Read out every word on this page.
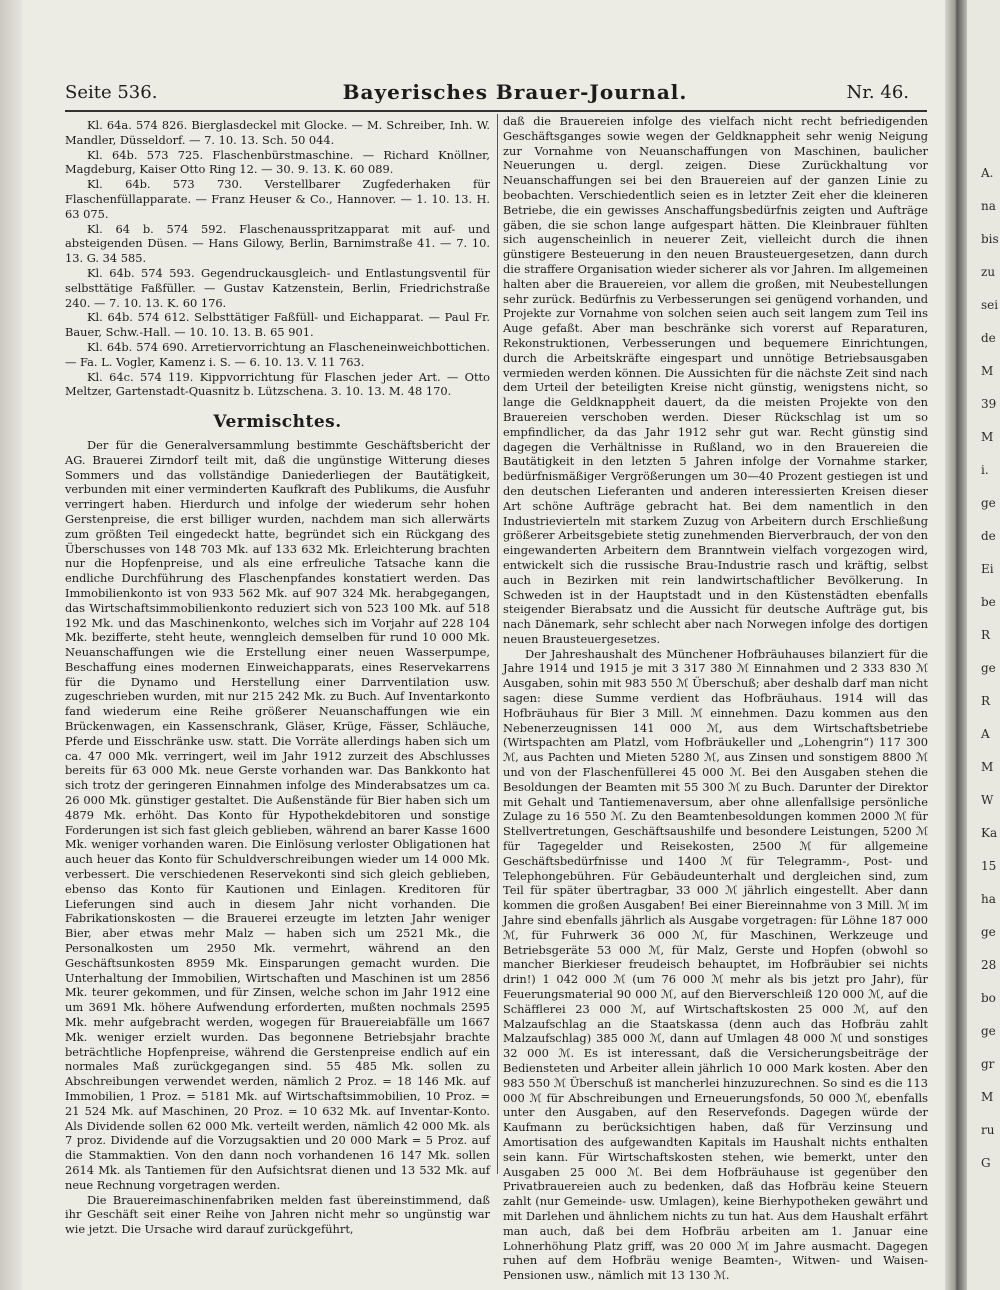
Seite 536.	Bayerisches Brauer-Journal.	Nr. 46.

Kl. 64a. 574 826. Bierglasdeckel mit Glocke. — M. Schreiber, Inh. W. Mandler, Düsseldorf. — 7. 10. 13. Sch. 50 044.

Kl. 64b. 573 725. Flaschenbürstmaschine. — Richard Knöllner, Magdeburg, Kaiser Otto Ring 12. — 30. 9. 13. K. 60 089.

Kl. 64b. 573 730. Verstellbarer Zugfederhaken für Flaschenfüllapparate. — Franz Heuser & Co., Hannover. — 1. 10. 13. H. 63 075.

Kl. 64 b. 574 592. Flaschenausspritzapparat mit auf- und absteigenden Düsen. — Hans Gilowy, Berlin, Barnimstraße 41. — 7. 10. 13. G. 34 585.

Kl. 64b. 574 593. Gegendruckausgleich- und Entlastungsventil für selbsttätige Faßfüller. — Gustav Katzenstein, Berlin, Friedrichstraße 240. — 7. 10. 13. K. 60 176.

Kl. 64b. 574 612. Selbsttätiger Faßfüll- und Eichapparat. — Paul Fr. Bauer, Schw.-Hall. — 10. 10. 13. B. 65 901.

Kl. 64b. 574 690. Arretiervorrichtung an Flascheneinweichbottichen. — Fa. L. Vogler, Kamenz i. S. — 6. 10. 13. V. 11 763.

Kl. 64c. 574 119. Kippvorrichtung für Flaschen jeder Art. — Otto Meltzer, Gartenstadt-Quasnitz b. Lützschena. 3. 10. 13. M. 48 170.

Vermischtes.

Der für die Generalversammlung bestimmte Geschäftsbericht der AG. Brauerei Zirndorf teilt mit, daß die ungünstige Witterung dieses Sommers und das vollständige Daniederliegen der Bautätigkeit, verbunden mit einer verminderten Kaufkraft des Publikums, die Ausfuhr verringert haben. Hierdurch und infolge der wiederum sehr hohen Gerstenpreise, die erst billiger wurden, nachdem man sich allerwärts zum größten Teil eingedeckt hatte, begründet sich ein Rückgang des Überschusses von 148 703 Mk. auf 133 632 Mk. Erleichterung brachten nur die Hopfenpreise, und als eine erfreuliche Tatsache kann die endliche Durchführung des Flaschenpfandes konstatiert werden. Das Immobilienkonto ist von 933 562 Mk. auf 907 324 Mk. herabgegangen, das Wirtschaftsimmobilienkonto reduziert sich von 523 100 Mk. auf 518 192 Mk. und das Maschinenkonto, welches sich im Vorjahr auf 228 104 Mk. bezifferte, steht heute, wenngleich demselben für rund 10 000 Mk. Neuanschaffungen wie die Erstellung einer neuen Wasserpumpe, Beschaffung eines modernen Einweichapparats, eines Reservekarrens für die Dynamo und Herstellung einer Darrventilation usw. zugeschrieben wurden, mit nur 215 242 Mk. zu Buch. Auf Inventarkonto fand wiederum eine Reihe größerer Neuanschaffungen wie ein Brückenwagen, ein Kassenschrank, Gläser, Krüge, Fässer, Schläuche, Pferde und Eisschränke usw. statt. Die Vorräte allerdings haben sich um ca. 47 000 Mk. verringert, weil im Jahr 1912 zurzeit des Abschlusses bereits für 63 000 Mk. neue Gerste vorhanden war. Das Bankkonto hat sich trotz der geringeren Einnahmen infolge des Minderabsatzes um ca. 26 000 Mk. günstiger gestaltet. Die Außenstände für Bier haben sich um 4879 Mk. erhöht. Das Konto für Hypothekdebitoren und sonstige Forderungen ist sich fast gleich geblieben, während an barer Kasse 1600 Mk. weniger vorhanden waren. Die Einlösung verloster Obligationen hat auch heuer das Konto für Schuldverschreibungen wieder um 14 000 Mk. verbessert. Die verschiedenen Reservekonti sind sich gleich geblieben, ebenso das Konto für Kautionen und Einlagen. Kreditoren für Lieferungen sind auch in diesem Jahr nicht vorhanden. Die Fabrikationskosten — die Brauerei erzeugte im letzten Jahr weniger Bier, aber etwas mehr Malz — haben sich um 2521 Mk., die Personalkosten um 2950 Mk. vermehrt, während an den Geschäftsunkosten 8959 Mk. Einsparungen gemacht wurden. Die Unterhaltung der Immobilien, Wirtschaften und Maschinen ist um 2856 Mk. teurer gekommen, und für Zinsen, welche schon im Jahr 1912 eine um 3691 Mk. höhere Aufwendung erforderten, mußten nochmals 2595 Mk. mehr aufgebracht werden, wogegen für Brauereiabfälle um 1667 Mk. weniger erzielt wurden. Das begonnene Betriebsjahr brachte beträchtliche Hopfenpreise, während die Gerstenpreise endlich auf ein normales Maß zurückgegangen sind. 55 485 Mk. sollen zu Abschreibungen verwendet werden, nämlich 2 Proz. = 18 146 Mk. auf Immobilien, 1 Proz. = 5181 Mk. auf Wirtschaftsimmobilien, 10 Proz. = 21 524 Mk. auf Maschinen, 20 Proz. = 10 632 Mk. auf Inventar-Konto. Als Dividende sollen 62 000 Mk. verteilt werden, nämlich 42 000 Mk. als 7 proz. Dividende auf die Vorzugsaktien und 20 000 Mark = 5 Proz. auf die Stammaktien. Von den dann noch vorhandenen 16 147 Mk. sollen 2614 Mk. als Tantiemen für den Aufsichtsrat dienen und 13 532 Mk. auf neue Rechnung vorgetragen werden.

Die Brauereimaschinenfabriken melden fast übereinstimmend, daß ihr Geschäft seit einer Reihe von Jahren nicht mehr so ungünstig war wie jetzt. Die Ursache wird darauf zurückgeführt,

daß die Brauereien infolge des vielfach nicht recht befriedigenden Geschäftsganges sowie wegen der Geldknappheit sehr wenig Neigung zur Vornahme von Neuanschaffungen von Maschinen, baulicher Neuerungen u. dergl. zeigen. Diese Zurückhaltung vor Neuanschaffungen sei bei den Brauereien auf der ganzen Linie zu beobachten. Verschiedentlich seien es in letzter Zeit eher die kleineren Betriebe, die ein gewisses Anschaffungsbedürfnis zeigten und Aufträge gäben, die sie schon lange aufgespart hätten. Die Kleinbrauer fühlten sich augenscheinlich in neuerer Zeit, vielleicht durch die ihnen günstigere Besteuerung in den neuen Brausteuergesetzen, dann durch die straffere Organisation wieder sicherer als vor Jahren. Im allgemeinen halten aber die Brauereien, vor allem die großen, mit Neubestellungen sehr zurück. Bedürfnis zu Verbesserungen sei genügend vorhanden, und Projekte zur Vornahme von solchen seien auch seit langem zum Teil ins Auge gefaßt. Aber man beschränke sich vorerst auf Reparaturen, Rekonstruktionen, Verbesserungen und bequemere Einrichtungen, durch die Arbeitskräfte eingespart und unnötige Betriebsausgaben vermieden werden können. Die Aussichten für die nächste Zeit sind nach dem Urteil der beteiligten Kreise nicht günstig, wenigstens nicht, so lange die Geldknappheit dauert, da die meisten Projekte von den Brauereien verschoben werden. Dieser Rückschlag ist um so empfindlicher, da das Jahr 1912 sehr gut war. Recht günstig sind dagegen die Verhältnisse in Rußland, wo in den Brauereien die Bautätigkeit in den letzten 5 Jahren infolge der Vornahme starker, bedürfnismäßiger Vergrößerungen um 30—40 Prozent gestiegen ist und den deutschen Lieferanten und anderen interessierten Kreisen dieser Art schöne Aufträge gebracht hat. Bei dem namentlich in den Industrievierteln mit starkem Zuzug von Arbeitern durch Erschließung größerer Arbeitsgebiete stetig zunehmenden Bierverbrauch, der von den eingewanderten Arbeitern dem Branntwein vielfach vorgezogen wird, entwickelt sich die russische Brau-Industrie rasch und kräftig, selbst auch in Bezirken mit rein landwirtschaftlicher Bevölkerung. In Schweden ist in der Hauptstadt und in den Küstenstädten ebenfalls steigender Bierabsatz und die Aussicht für deutsche Aufträge gut, bis nach Dänemark, sehr schlecht aber nach Norwegen infolge des dortigen neuen Brausteuergesetzes.

Der Jahreshaushalt des Münchener Hofbräuhauses bilanziert für die Jahre 1914 und 1915 je mit 3 317 380 ℳ Einnahmen und 2 333 830 ℳ Ausgaben, sohin mit 983 550 ℳ Überschuß; aber deshalb darf man nicht sagen: diese Summe verdient das Hofbräuhaus. 1914 will das Hofbräuhaus für Bier 3 Mill. ℳ einnehmen. Dazu kommen aus den Nebenerzeugnissen 141 000 ℳ, aus dem Wirtschaftsbetriebe (Wirtspachten am Platzl, vom Hofbräukeller und „Lohengrin“) 117 300 ℳ, aus Pachten und Mieten 5280 ℳ, aus Zinsen und sonstigem 8800 ℳ und von der Flaschenfüllerei 45 000 ℳ. Bei den Ausgaben stehen die Besoldungen der Beamten mit 55 300 ℳ zu Buch. Darunter der Direktor mit Gehalt und Tantiemenaversum, aber ohne allenfallsige persönliche Zulage zu 16 550 ℳ. Zu den Beamtenbesoldungen kommen 2000 ℳ für Stellvertretungen, Geschäftsaushilfe und besondere Leistungen, 5200 ℳ für Tagegelder und Reisekosten, 2500 ℳ für allgemeine Geschäftsbedürfnisse und 1400 ℳ für Telegramm-, Post- und Telephongebühren. Für Gebäudeunterhalt und dergleichen sind, zum Teil für später übertragbar, 33 000 ℳ jährlich eingestellt. Aber dann kommen die großen Ausgaben! Bei einer Biereinnahme von 3 Mill. ℳ im Jahre sind ebenfalls jährlich als Ausgabe vorgetragen: für Löhne 187 000 ℳ, für Fuhrwerk 36 000 ℳ, für Maschinen, Werkzeuge und Betriebsgeräte 53 000 ℳ, für Malz, Gerste und Hopfen (obwohl so mancher Bierkieser freudeisch behauptet, im Hofbräubier sei nichts drin!) 1 042 000 ℳ (um 76 000 ℳ mehr als bis jetzt pro Jahr), für Feuerungsmaterial 90 000 ℳ, auf den Bierverschleiß 120 000 ℳ, auf die Schäfflerei 23 000 ℳ, auf Wirtschaftskosten 25 000 ℳ, auf den Malzaufschlag an die Staatskassa (denn auch das Hofbräu zahlt Malzaufschlag) 385 000 ℳ, dann auf Umlagen 48 000 ℳ und sonstiges 32 000 ℳ. Es ist interessant, daß die Versicherungsbeiträge der Bediensteten und Arbeiter allein jährlich 10 000 Mark kosten. Aber den 983 550 ℳ Überschuß ist mancherlei hinzuzurechnen. So sind es die 113 000 ℳ für Abschreibungen und Erneuerungsfonds, 50 000 ℳ, ebenfalls unter den Ausgaben, auf den Reservefonds. Dagegen würde der Kaufmann zu berücksichtigen haben, daß für Verzinsung und Amortisation des aufgewandten Kapitals im Haushalt nichts enthalten sein kann. Für Wirtschaftskosten stehen, wie bemerkt, unter den Ausgaben 25 000 ℳ. Bei dem Hofbräuhause ist gegenüber den Privatbrauereien auch zu bedenken, daß das Hofbräu keine Steuern zahlt (nur Gemeinde- usw. Umlagen), keine Bierhypotheken gewährt und mit Darlehen und ähnlichem nichts zu tun hat. Aus dem Haushalt erfährt man auch, daß bei dem Hofbräu arbeiten am 1. Januar eine Lohnerhöhung Platz griff, was 20 000 ℳ im Jahre ausmacht. Dagegen ruhen auf dem Hofbräu wenige Beamten-, Witwen- und Waisen-Pensionen usw., nämlich mit 13 130 ℳ.

A.
na
bis
zu
sei
de
M
39
M
i.
ge
de
Ei
be
R
ge
R
A
M
W
Ka
15
ha
ge
28
bo
ge
gr
M
ru
G
